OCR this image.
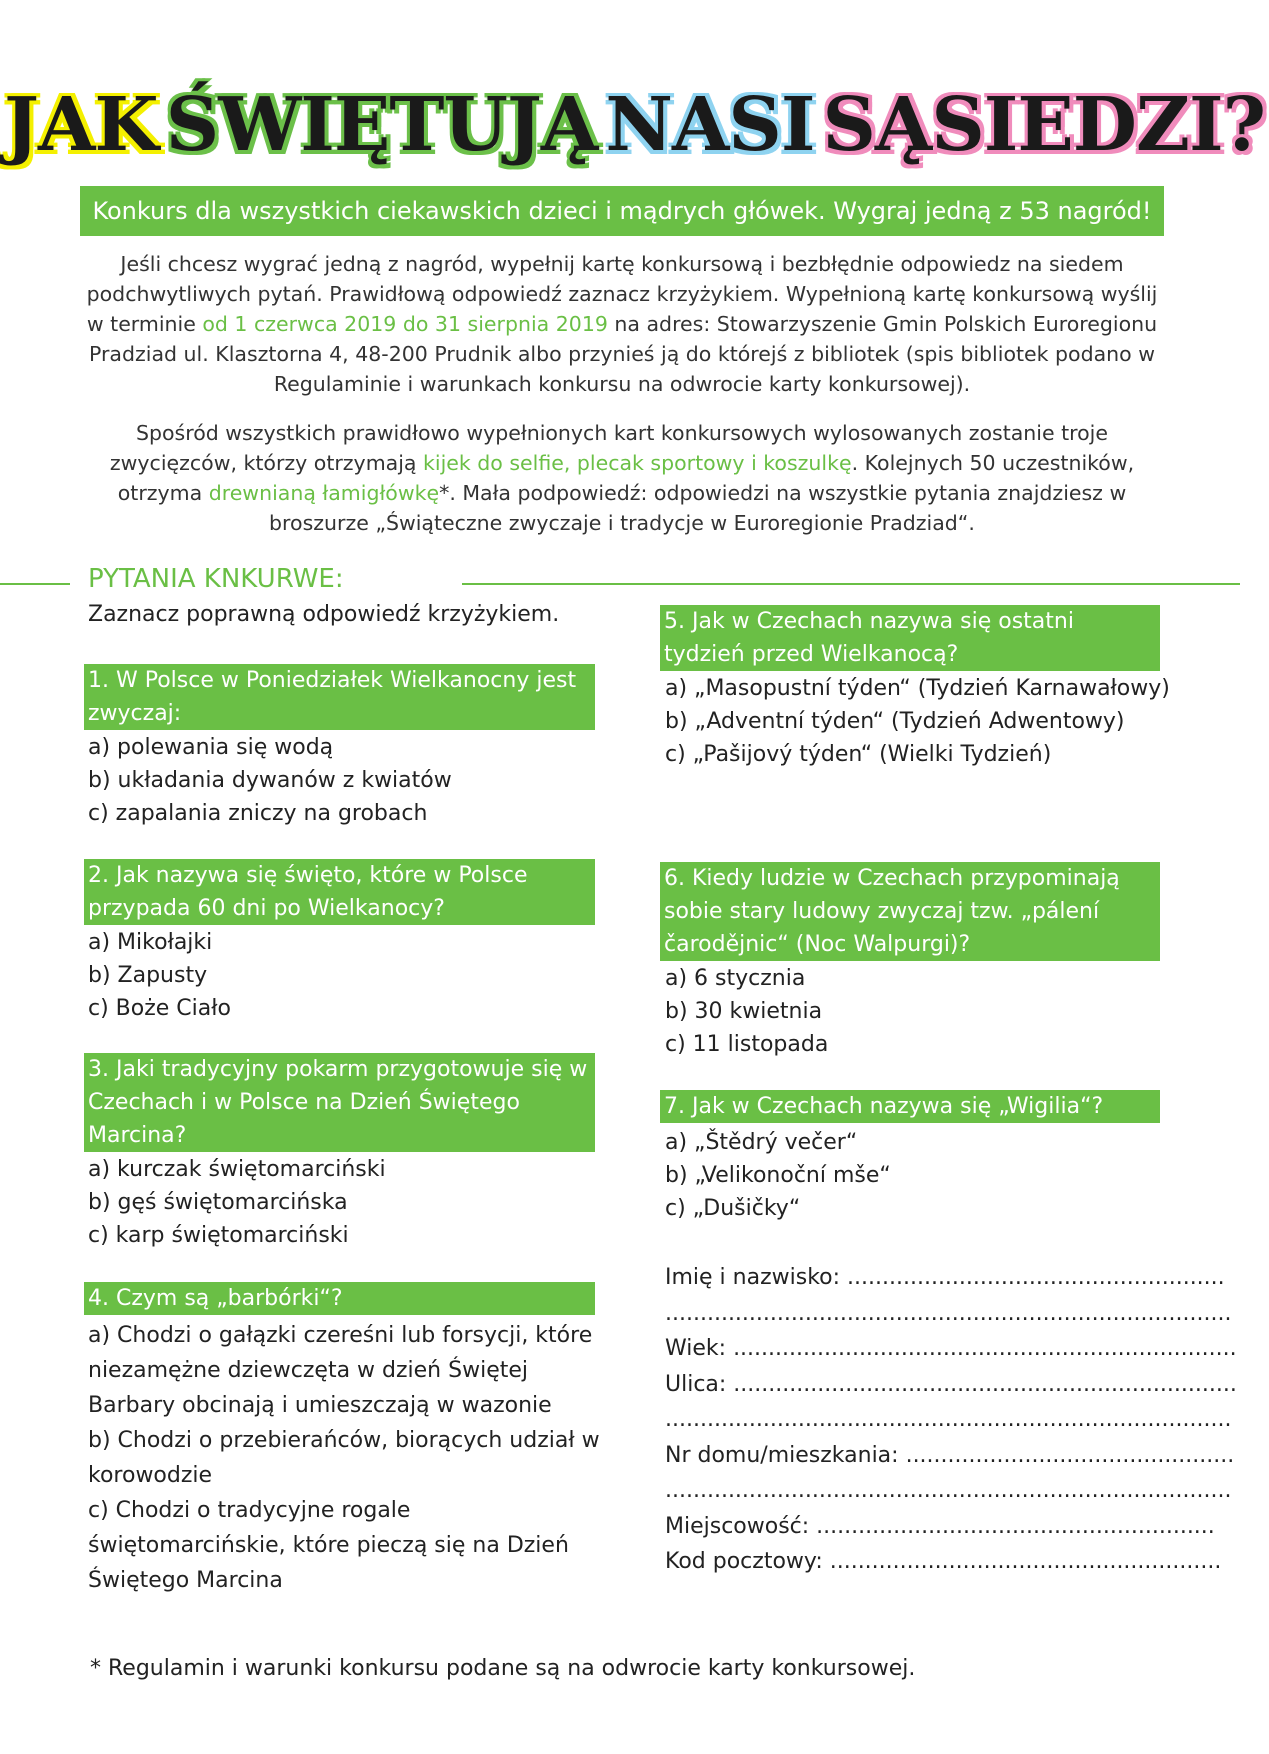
JAK ŚWIĘTUJĄ NASI SĄSIEDZI?
Konkurs dla wszystkich ciekawskich dzieci i mądrych główek. Wygraj jedną z 53 nagród!
Jeśli chcesz wygrać jedną z nagród, wypełnij kartę konkursową i bezbłędnie odpowiedz na siedem podchwytliwych pytań. Prawidłową odpowiedź zaznacz krzyżykiem. Wypełnioną kartę konkursową wyślij w terminie od 1 czerwca 2019 do 31 sierpnia 2019 na adres: Stowarzyszenie Gmin Polskich Euroregionu Pradziad ul. Klasztorna 4, 48-200 Prudnik albo przynieś ją do którejś z bibliotek (spis bibliotek podano w Regulaminie i warunkach konkursu na odwrocie karty konkursowej).
Spośród wszystkich prawidłowo wypełnionych kart konkursowych wylosowanych zostanie troje zwycięzców, którzy otrzymają kijek do selfie, plecak sportowy i koszulkę. Kolejnych 50 uczestników, otrzyma drewnianą łamigłówkę*. Mała podpowiedź: odpowiedzi na wszystkie pytania znajdziesz w broszurze „Świąteczne zwyczaje i tradycje w Euroregionie Pradziad“.
PYTANIA KNKURWE:
Zaznacz poprawną odpowiedź krzyżykiem.
1. W Polsce w Poniedziałek Wielkanocny jest zwyczaj:
a) polewania się wodą
b) układania dywanów z kwiatów
c) zapalania zniczy na grobach
2. Jak nazywa się święto, które w Polsce przypada 60 dni po Wielkanocy?
a) Mikołajki
b) Zapusty
c) Boże Ciało
3. Jaki tradycyjny pokarm przygotowuje się w Czechach i w Polsce na Dzień Świętego Marcina?
a) kurczak świętomarciński
b) gęś świętomarcińska
c) karp świętomarciński
4. Czym są „barbórki“?
a) Chodzi o gałązki czereśni lub forsycji, które niezamężne dziewczęta w dzień Świętej Barbary obcinają i umieszczają w wazonie
b) Chodzi o przebierańców, biorących udział w korowodzie
c) Chodzi o tradycyjne rogale świętomarcińskie, które pieczą się na Dzień Świętego Marcina
5. Jak w Czechach nazywa się ostatni tydzień przed Wielkanocą?
a) „Masopustní týden“ (Tydzień Karnawałowy)
b) „Adventní týden“ (Tydzień Adwentowy)
c) „Pašijový týden“ (Wielki Tydzień)
6. Kiedy ludzie w Czechach przypominają sobie stary ludowy zwyczaj tzw. „pálení čarodějnic“ (Noc Walpurgi)?
a) 6 stycznia
b) 30 kwietnia
c) 11 listopada
7. Jak w Czechach nazywa się „Wigilia“?
a) „Štědrý večer“
b) „Velikonoční mše“
c) „Dušičky“
Imię i nazwisko: ......................................................
.................................................................................
Wiek: ........................................................................
Ulica: ........................................................................
.................................................................................
Nr domu/mieszkania: ...............................................
.................................................................................
Miejscowość: .........................................................
Kod pocztowy: ........................................................
* Regulamin i warunki konkursu podane są na odwrocie karty konkursowej.
